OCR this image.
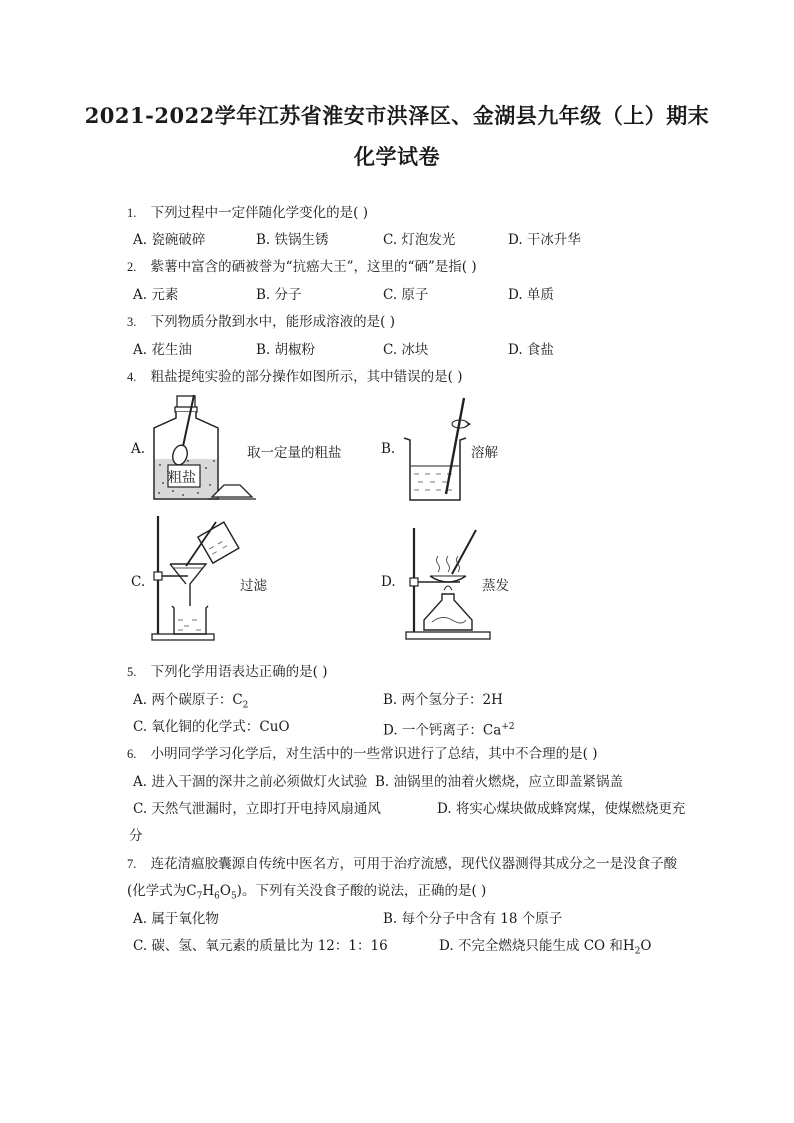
2021-2022学年江苏省淮安市洪泽区、金湖县九年级（上）期末
化学试卷
1. 下列过程中一定伴随化学变化的是( )
A. 瓷碗破碎	B. 铁锅生锈	C. 灯泡发光	D. 干冰升华
2. 紫薯中富含的硒被誉为“抗癌大王”，这里的“硒”是指( )
A. 元素	B. 分子	C. 原子	D. 单质
3. 下列物质分散到水中，能形成溶液的是( )
A. 花生油	B. 胡椒粉	C. 冰块	D. 食盐
4. 粗盐提纯实验的部分操作如图所示，其中错误的是( )
A.
粗盐
取一定量的粗盐	B.	溶解
C.	过滤	D.	蒸发
5. 下列化学用语表达正确的是( )
A. 两个碳原子：$C_2$	B. 两个氢分子：2H
C. 氧化铜的化学式：CuO	D. 一个钙离子：$Ca^{+2}$
6. 小明同学学习化学后，对生活中的一些常识进行了总结，其中不合理的是( )
A. 进入干涸的深井之前必须做灯火试验 B. 油锅里的油着火燃烧，应立即盖紧锅盖
C. 天然气泄漏时，立即打开电持风扇通风	D. 将实心煤块做成蜂窝煤，使煤燃烧更充
分
7. 连花清瘟胶囊源自传统中医名方，可用于治疗流感，现代仪器测得其成分之一是没食子酸
(化学式为$C_7H_6O_5$)。下列有关没食子酸的说法，正确的是( )
A. 属于氧化物	B. 每个分子中含有 18 个原子
C. 碳、氢、氧元素的质量比为 12：1：16	D. 不完全燃烧只能生成 CO 和$H_2O$
